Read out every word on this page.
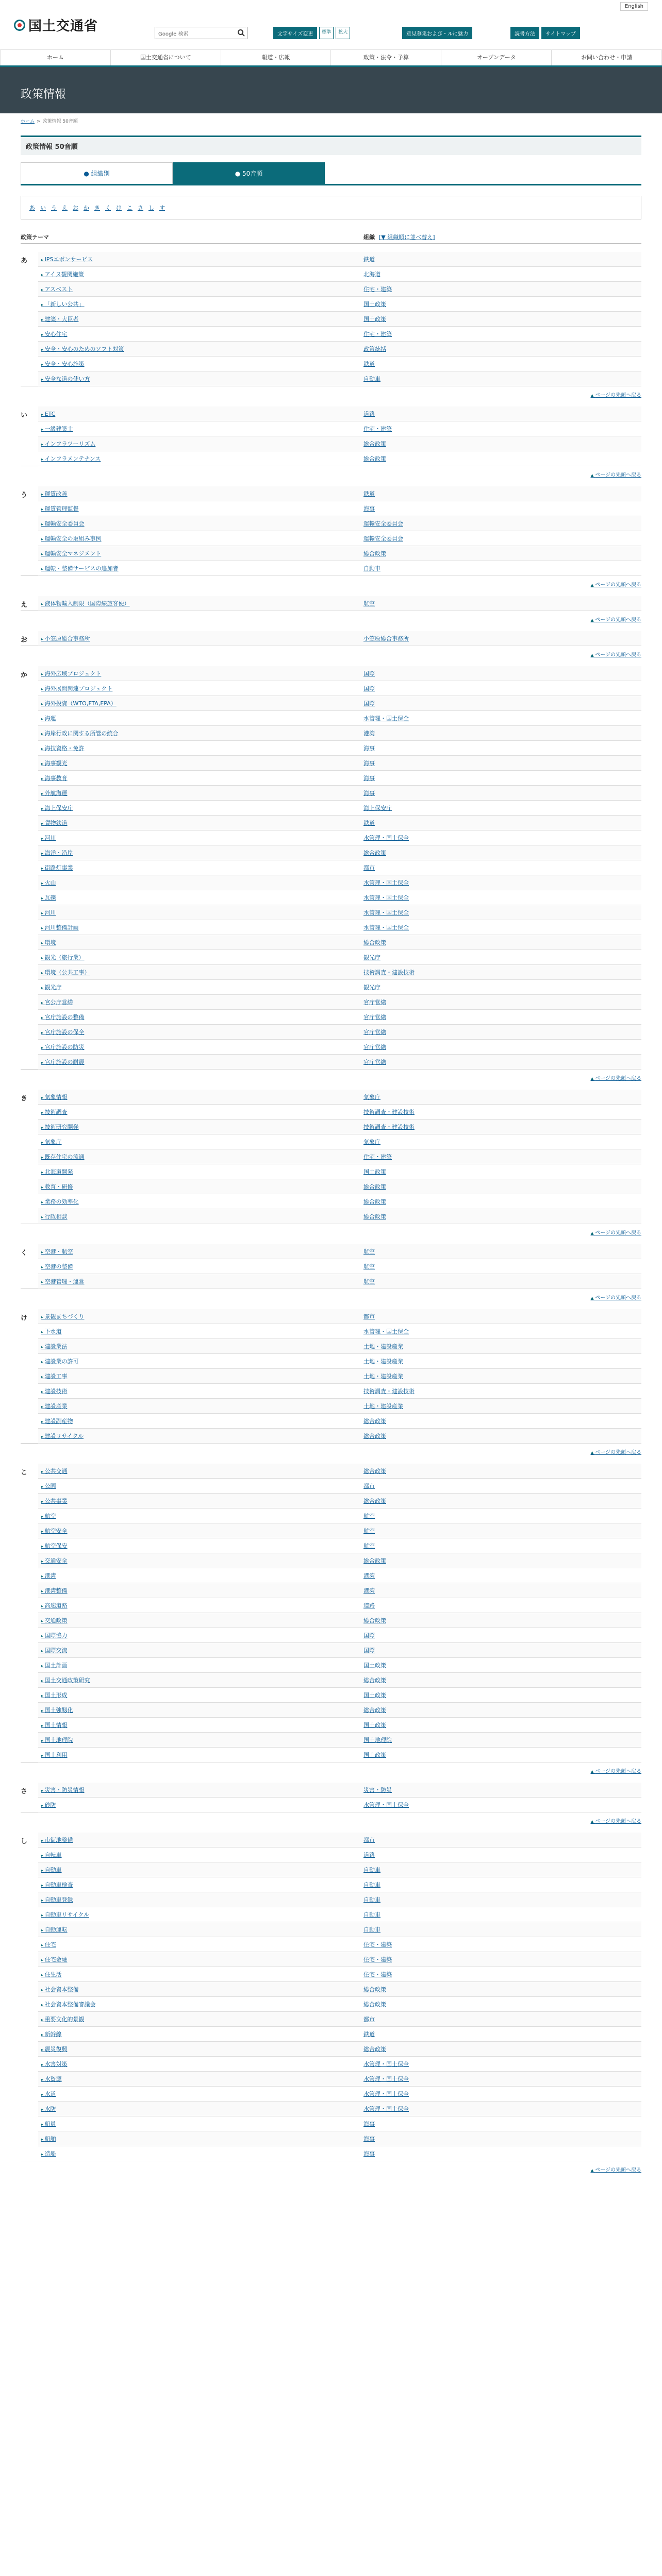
English
国土交通省	Google 検索	文字サイズ変更	標準	拡大	意見募集および・ルに魅力	読書方法	サイトマップ
ホーム	国土交通省について	報道・広報	政策・法令・予算	オープンデータ	お問い合わせ・申請
政策情報
ホーム > 政策情報 50音順
政策情報 50音順
● 組織別	● 50音順
あ い う え お か き く け こ さ し す
政策テーマ	組織 [▼ 組織順に並べ替え]
あ	▸ IPSエボンサービス	鉄道
▸ アイヌ観関施策	北海道
▸ アスベスト	住宅・建築
▸ 「新しい公共」	国土政策
▸ 建築・大臣者	国土政策
▸ 安心住宅	住宅・建築
▸ 安全・安心のためのソフト対策	政策統括
▸ 安全・安心施策	鉄道
▸ 安全な道の使い方	自動車
▲ ページの先頭へ戻る
い	▸ ETC	道路
▸ 一級建築士	住宅・建築
▸ インフラツーリズム	総合政策
▸ インフラメンテナンス	総合政策
▲ ページの先頭へ戻る
う	▸ 運賃改善	鉄道
▸ 運賃管理監督	海事
▸ 運輸安全委員会	運輸安全委員会
▸ 運輸安全の取組み事例	運輸安全委員会
▸ 運輸安全マネジメント	総合政策
▸ 運転・整備サービスの追加者	自動車
▲ ページの先頭へ戻る
え	▸ 液体物輸入制限（国際線旅客便）	航空
▲ ページの先頭へ戻る
お	▸ 小笠原総合事務所	小笠原総合事務所
▲ ページの先頭へ戻る
か	▸ 海外広域プロジェクト	国際
▸ 海外展開関連プロジェクト	国際
▸ 海外投資（WTO,FTA,EPA）	国際
▸ 海運	水管理・国土保全
▸ 海岸行政に関する所管の統合	港湾
▸ 海技資格・免許	海事
▸ 海事観光	海事
▸ 海事教育	海事
▸ 外航海運	海事
▸ 海上保安庁	海上保安庁
▸ 貨物鉄道	鉄道
▸ 河川	水管理・国土保全
▸ 海洋・沿岸	総合政策
▸ 街路灯事業	都市
▸ 火山	水管理・国土保全
▸ 瓦礫	水管理・国土保全
▸ 河川	水管理・国土保全
▸ 河川整備計画	水管理・国土保全
▸ 環境	総合政策
▸ 観光（旅行業）	観光庁
▸ 環境（公共工事）	技術調査・建設技術
▸ 観光庁	観光庁
▸ 官公庁営繕	官庁営繕
▸ 官庁施設の整備	官庁営繕
▸ 官庁施設の保全	官庁営繕
▸ 官庁施設の防災	官庁営繕
▸ 官庁施設の耐震	官庁営繕
▲ ページの先頭へ戻る
き	▸ 気象情報	気象庁
▸ 技術調査	技術調査・建設技術
▸ 技術研究開発	技術調査・建設技術
▸ 気象庁	気象庁
▸ 既存住宅の流通	住宅・建築
▸ 北海道開発	国土政策
▸ 教育・研修	総合政策
▸ 業務の効率化	総合政策
▸ 行政相談	総合政策
▲ ページの先頭へ戻る
く	▸ 空港・航空	航空
▸ 空港の整備	航空
▸ 空港管理・運営	航空
▲ ページの先頭へ戻る
け	▸ 景観まちづくり	都市
▸ 下水道	水管理・国土保全
▸ 建設業法	土地・建設産業
▸ 建設業の許可	土地・建設産業
▸ 建設工事	土地・建設産業
▸ 建設技術	技術調査・建設技術
▸ 建設産業	土地・建設産業
▸ 建設副産物	総合政策
▸ 建設リサイクル	総合政策
▲ ページの先頭へ戻る
こ	▸ 公共交通	総合政策
▸ 公園	都市
▸ 公共事業	総合政策
▸ 航空	航空
▸ 航空安全	航空
▸ 航空保安	航空
▸ 交通安全	総合政策
▸ 港湾	港湾
▸ 港湾整備	港湾
▸ 高速道路	道路
▸ 交通政策	総合政策
▸ 国際協力	国際
▸ 国際交流	国際
▸ 国土計画	国土政策
▸ 国土交通政策研究	総合政策
▸ 国土形成	国土政策
▸ 国土強靱化	総合政策
▸ 国土情報	国土政策
▸ 国土地理院	国土地理院
▸ 国土利用	国土政策
▲ ページの先頭へ戻る
さ	▸ 災害・防災情報	災害・防災
▸ 砂防	水管理・国土保全
▲ ページの先頭へ戻る
し	▸ 市街地整備	都市
▸ 自転車	道路
▸ 自動車	自動車
▸ 自動車検査	自動車
▸ 自動車登録	自動車
▸ 自動車リサイクル	自動車
▸ 自動運転	自動車
▸ 住宅	住宅・建築
▸ 住宅金融	住宅・建築
▸ 住生活	住宅・建築
▸ 社会資本整備	総合政策
▸ 社会資本整備審議会	総合政策
▸ 重要文化的景観	都市
▸ 新幹線	鉄道
▸ 震災復興	総合政策
▸ 水害対策	水管理・国土保全
▸ 水資源	水管理・国土保全
▸ 水道	水管理・国土保全
▸ 水防	水管理・国土保全
▸ 船員	海事
▸ 船舶	海事
▸ 造船	海事
▲ ページの先頭へ戻る
